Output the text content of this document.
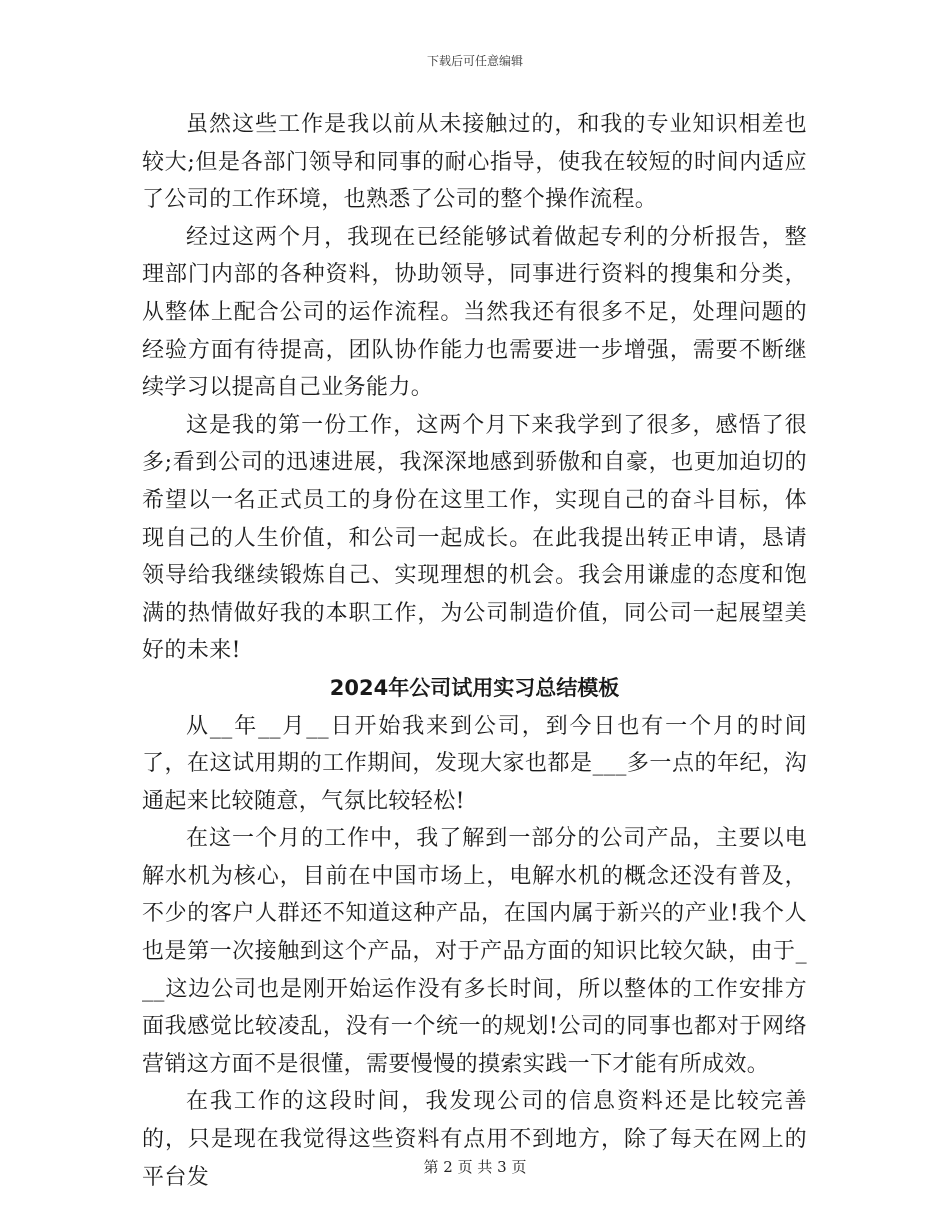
下载后可任意编辑

虽然这些工作是我以前从未接触过的，和我的专业知识相差也较大;但是各部门领导和同事的耐心指导，使我在较短的时间内适应了公司的工作环境，也熟悉了公司的整个操作流程。

经过这两个月，我现在已经能够试着做起专利的分析报告，整理部门内部的各种资料，协助领导，同事进行资料的搜集和分类，从整体上配合公司的运作流程。当然我还有很多不足，处理问题的经验方面有待提高，团队协作能力也需要进一步增强，需要不断继续学习以提高自己业务能力。

这是我的第一份工作，这两个月下来我学到了很多，感悟了很多;看到公司的迅速进展，我深深地感到骄傲和自豪，也更加迫切的希望以一名正式员工的身份在这里工作，实现自己的奋斗目标，体现自己的人生价值，和公司一起成长。在此我提出转正申请，恳请领导给我继续锻炼自己、实现理想的机会。我会用谦虚的态度和饱满的热情做好我的本职工作，为公司制造价值，同公司一起展望美好的未来!

2024年公司试用实习总结模板

从__年__月__日开始我来到公司，到今日也有一个月的时间了，在这试用期的工作期间，发现大家也都是___多一点的年纪，沟通起来比较随意，气氛比较轻松!

在这一个月的工作中，我了解到一部分的公司产品，主要以电解水机为核心，目前在中国市场上，电解水机的概念还没有普及，不少的客户人群还不知道这种产品，在国内属于新兴的产业!我个人也是第一次接触到这个产品，对于产品方面的知识比较欠缺，由于___这边公司也是刚开始运作没有多长时间，所以整体的工作安排方面我感觉比较凌乱，没有一个统一的规划!公司的同事也都对于网络营销这方面不是很懂，需要慢慢的摸索实践一下才能有所成效。

在我工作的这段时间，我发现公司的信息资料还是比较完善的，只是现在我觉得这些资料有点用不到地方，除了每天在网上的平台发	第 2 页 共 3 页
